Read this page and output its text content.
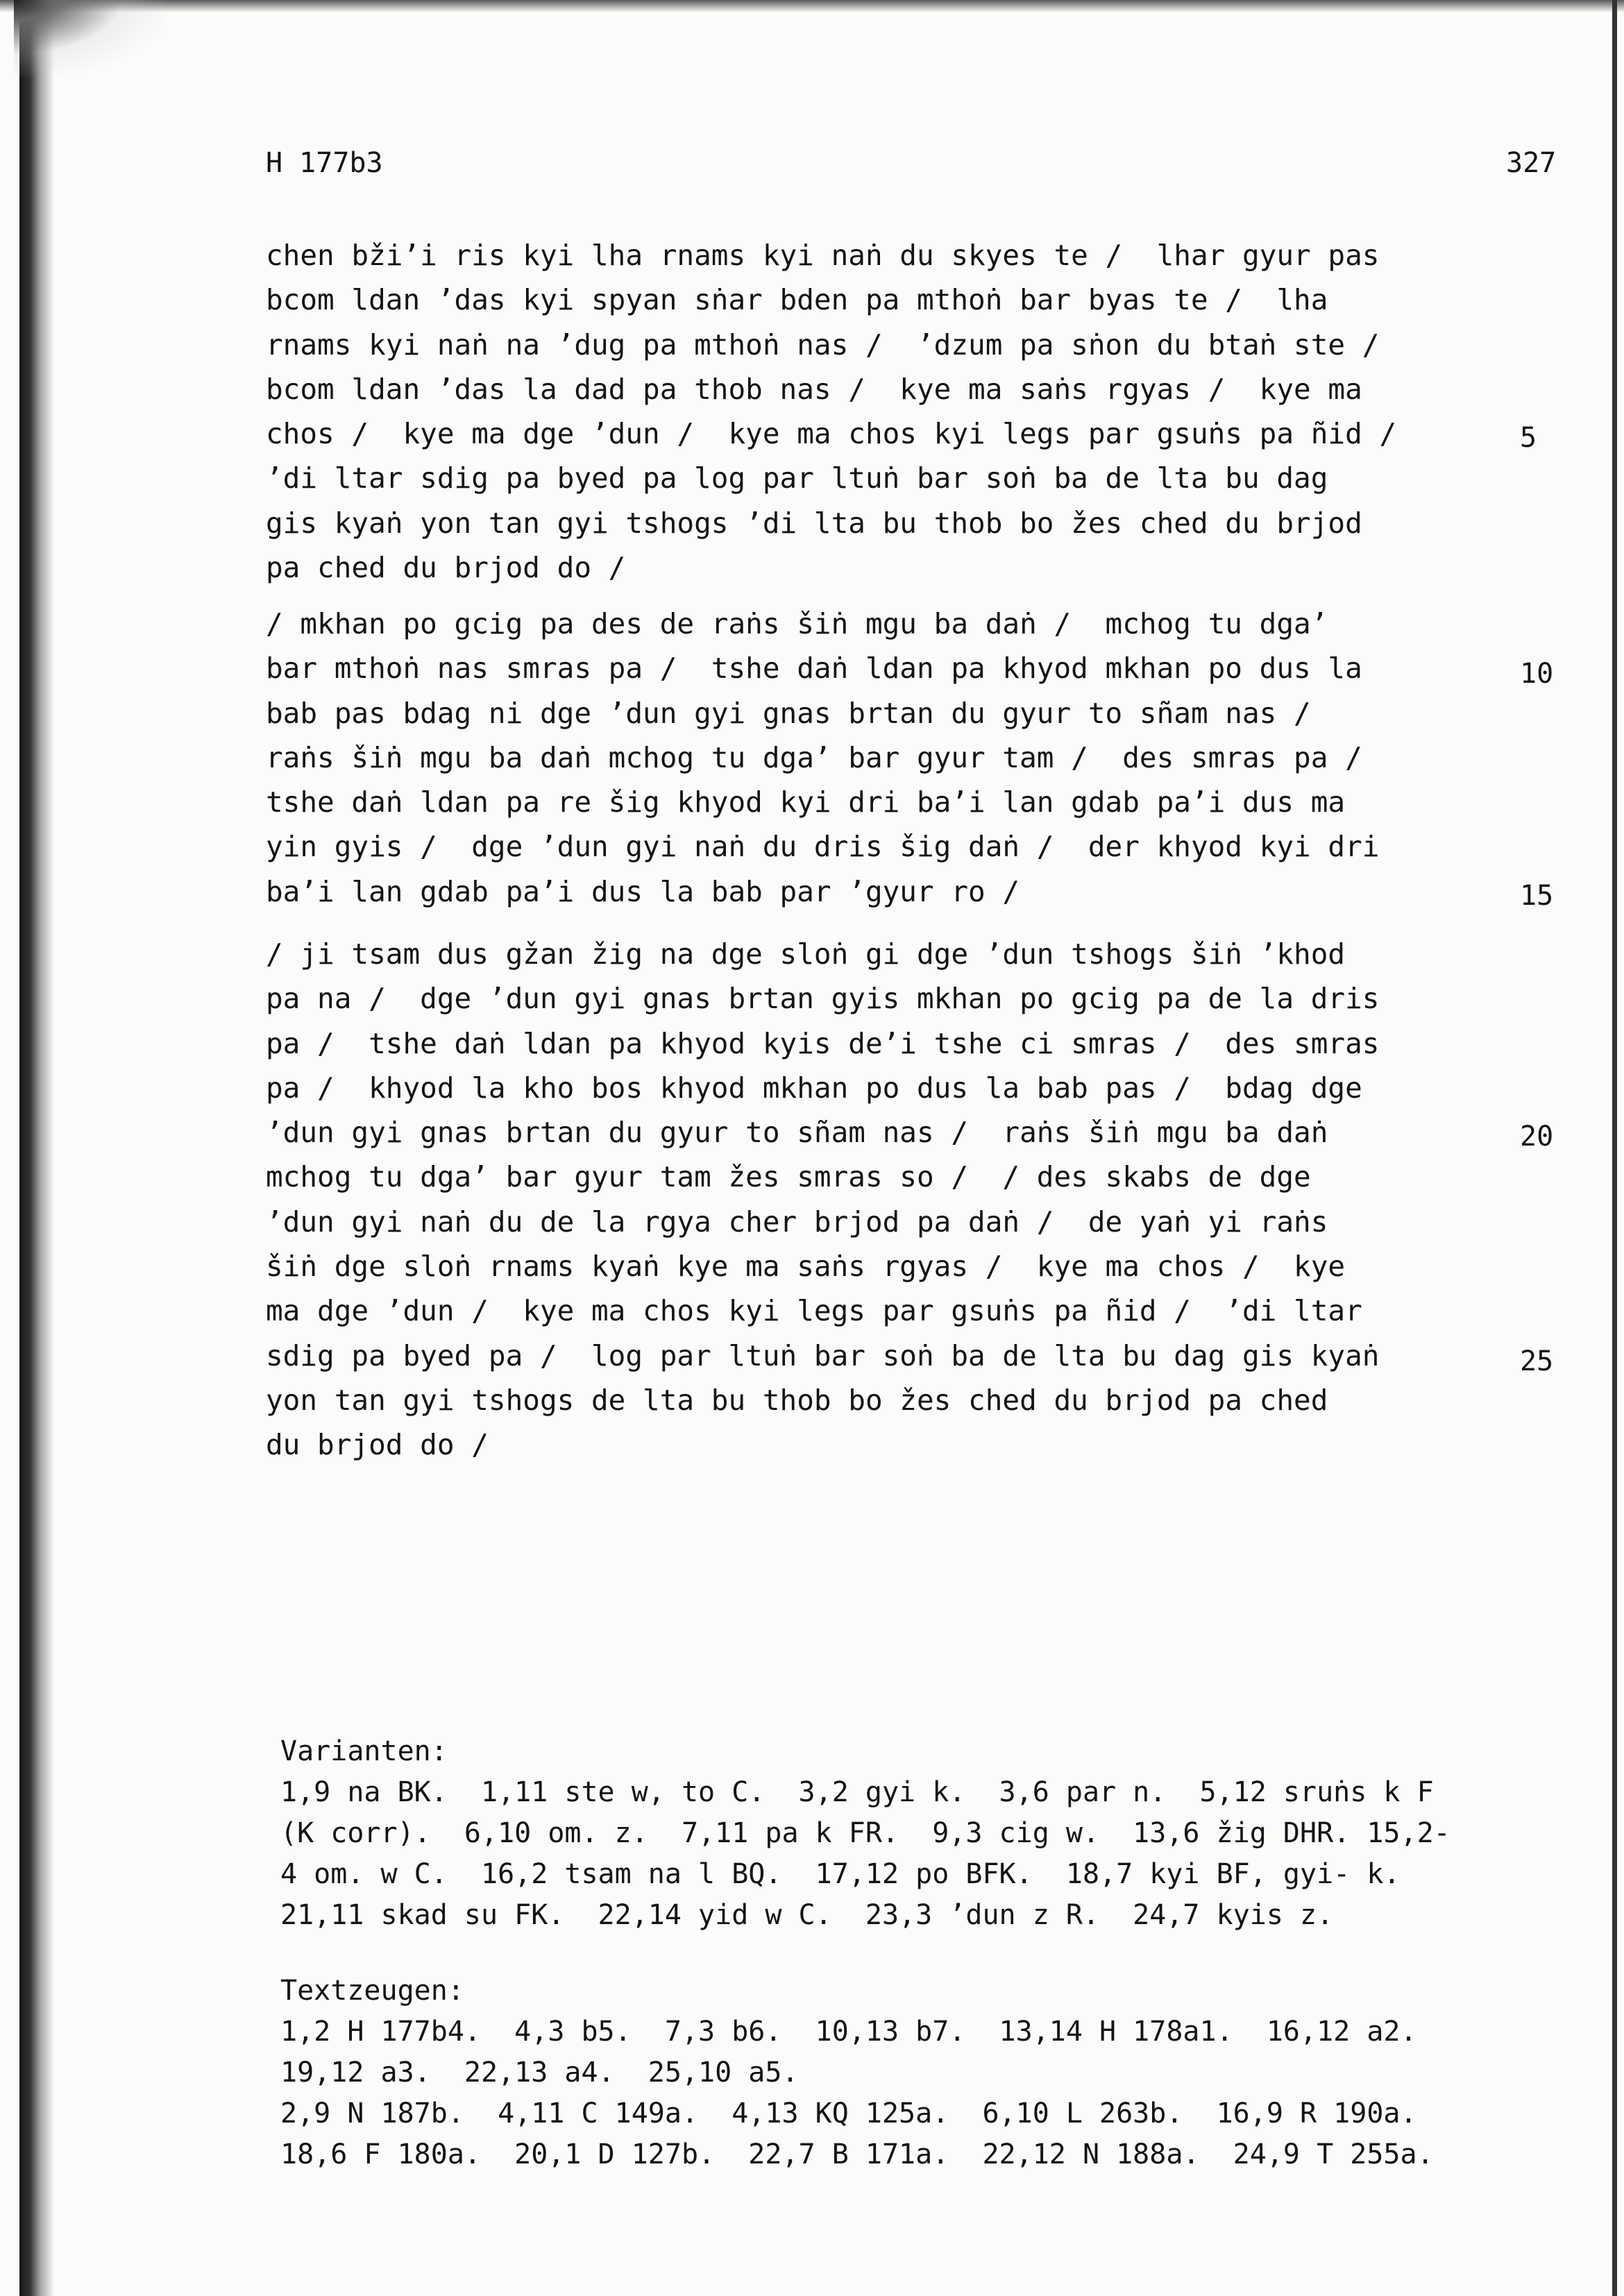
H 177b3	327
chen bži’i ris kyi lha rnams kyi naṅ du skyes te /  lhar gyur pas
bcom ldan ’das kyi spyan sṅar bden pa mthoṅ bar byas te /  lha
rnams kyi naṅ na ’dug pa mthoṅ nas /  ’dzum pa sṅon du btaṅ ste /
bcom ldan ’das la dad pa thob nas /  kye ma saṅs rgyas /  kye ma
chos /  kye ma dge ’dun /  kye ma chos kyi legs par gsuṅs pa ñid /
’di ltar sdig pa byed pa log par ltuṅ bar soṅ ba de lta bu dag
gis kyaṅ yon tan gyi tshogs ’di lta bu thob bo žes ched du brjod
pa ched du brjod do /
/ mkhan po gcig pa des de raṅs šiṅ mgu ba daṅ /  mchog tu dga’
bar mthoṅ nas smras pa /  tshe daṅ ldan pa khyod mkhan po dus la
bab pas bdag ni dge ’dun gyi gnas brtan du gyur to sñam nas /
raṅs šiṅ mgu ba daṅ mchog tu dga’ bar gyur tam /  des smras pa /
tshe daṅ ldan pa re šig khyod kyi dri ba’i lan gdab pa’i dus ma
yin gyis /  dge ’dun gyi naṅ du dris šig daṅ /  der khyod kyi dri
ba’i lan gdab pa’i dus la bab par ’gyur ro /
/ ji tsam dus gžan žig na dge sloṅ gi dge ’dun tshogs šiṅ ’khod
pa na /  dge ’dun gyi gnas brtan gyis mkhan po gcig pa de la dris
pa /  tshe daṅ ldan pa khyod kyis de’i tshe ci smras /  des smras
pa /  khyod la kho bos khyod mkhan po dus la bab pas /  bdag dge
’dun gyi gnas brtan du gyur to sñam nas /  raṅs šiṅ mgu ba daṅ
mchog tu dga’ bar gyur tam žes smras so /  / des skabs de dge
’dun gyi naṅ du de la rgya cher brjod pa daṅ /  de yaṅ yi raṅs
šiṅ dge sloṅ rnams kyaṅ kye ma saṅs rgyas /  kye ma chos /  kye
ma dge ’dun /  kye ma chos kyi legs par gsuṅs pa ñid /  ’di ltar
sdig pa byed pa /  log par ltuṅ bar soṅ ba de lta bu dag gis kyaṅ
yon tan gyi tshogs de lta bu thob bo žes ched du brjod pa ched
du brjod do /
5
10
15
20
25
Varianten:
1,9 na BK.  1,11 ste w, to C.  3,2 gyi k.  3,6 par n.  5,12 sruṅs k F
(K corr).  6,10 om. z.  7,11 pa k FR.  9,3 cig w.  13,6 žig DHR. 15,2-
4 om. w C.  16,2 tsam na l BQ.  17,12 po BFK.  18,7 kyi BF, gyi- k.
21,11 skad su FK.  22,14 yid w C.  23,3 ’dun z R.  24,7 kyis z.
Textzeugen:
1,2 H 177b4.  4,3 b5.  7,3 b6.  10,13 b7.  13,14 H 178a1.  16,12 a2.
19,12 a3.  22,13 a4.  25,10 a5.
2,9 N 187b.  4,11 C 149a.  4,13 KQ 125a.  6,10 L 263b.  16,9 R 190a.
18,6 F 180a.  20,1 D 127b.  22,7 B 171a.  22,12 N 188a.  24,9 T 255a.
